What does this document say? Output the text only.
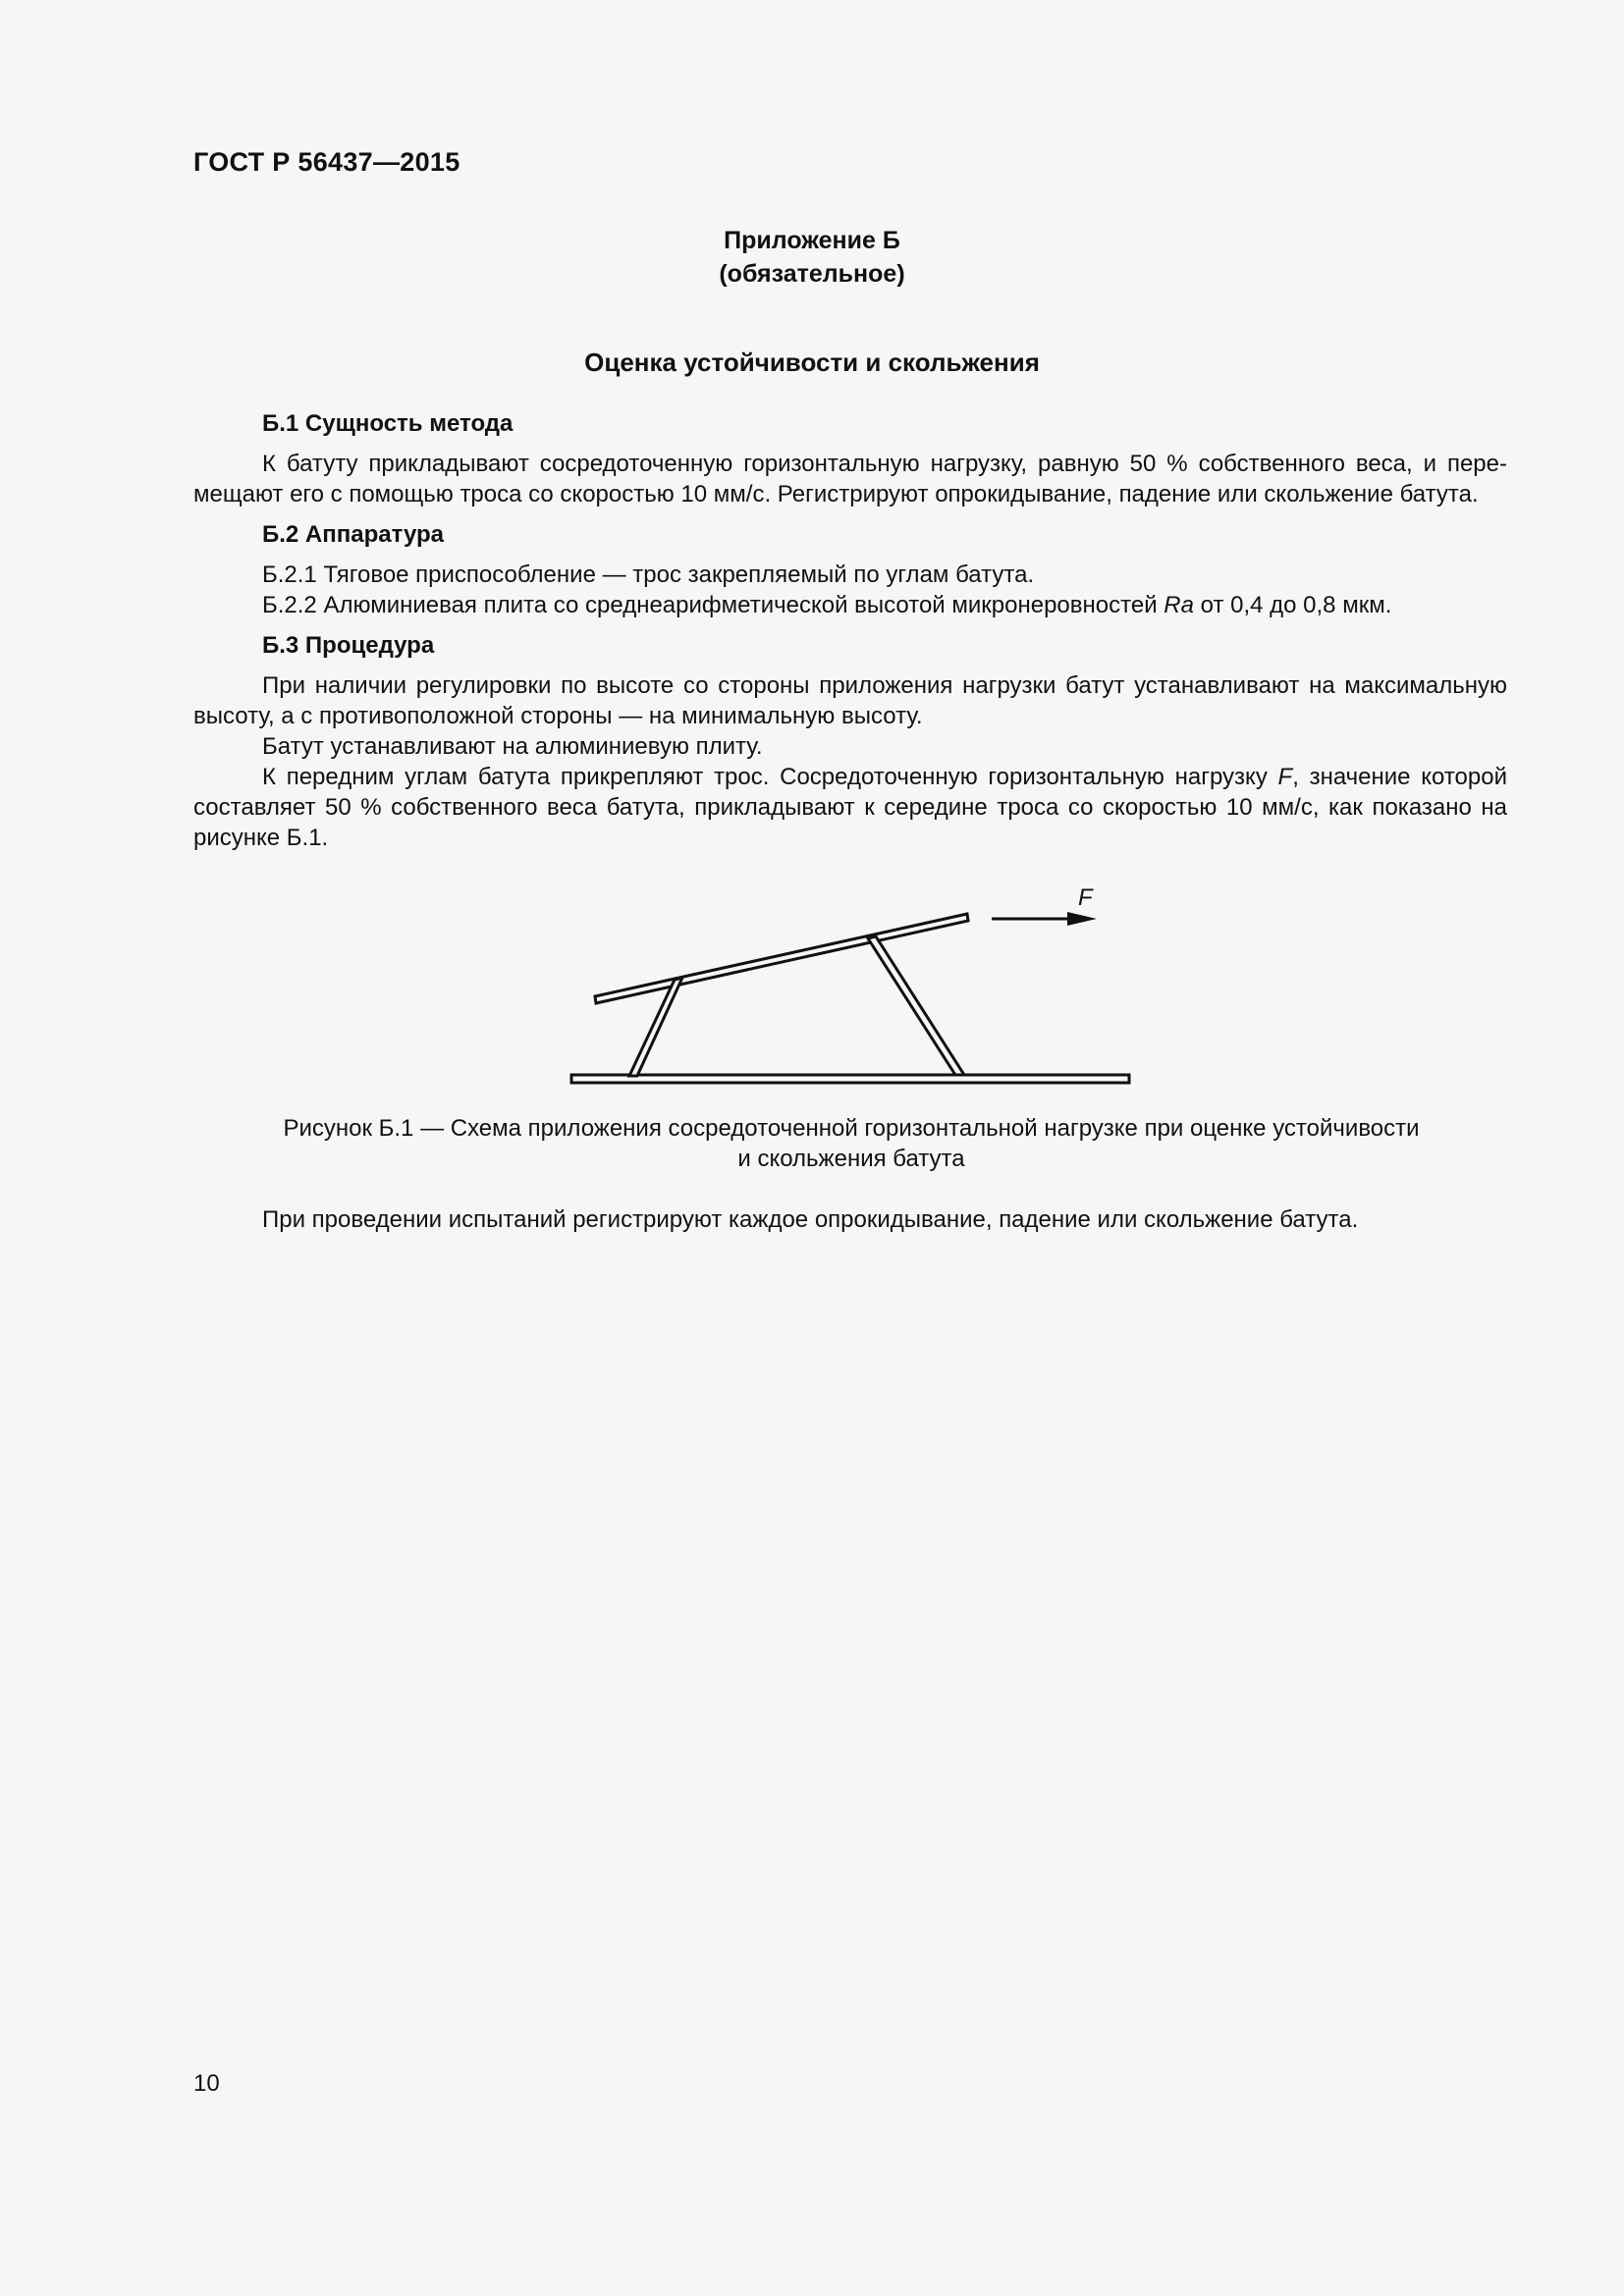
ГОСТ Р 56437—2015
Приложение Б
(обязательное)
Оценка устойчивости и скольжения
Б.1 Сущность метода

К батуту прикладывают сосредоточенную горизонтальную нагрузку, равную 50 % собственного веса, и пере-мещают его с помощью троса со скоростью 10 мм/с. Регистрируют опрокидывание, падение или скольжение батута.

Б.2 Аппаратура

Б.2.1 Тяговое приспособление — трос закрепляемый по углам батута.

Б.2.2 Алюминиевая плита со среднеарифметической высотой микронеровностей Ra от 0,4 до 0,8 мкм.

Б.3 Процедура

При наличии регулировки по высоте со стороны приложения нагрузки батут устанавливают на максимальную высоту, а с противоположной стороны — на минимальную высоту.

Батут устанавливают на алюминиевую плиту.

К передним углам батута прикрепляют трос. Сосредоточенную горизонтальную нагрузку F, значение которой составляет 50 % собственного веса батута, прикладывают к середине троса со скоростью 10 мм/с, как показано на рисунке Б.1.

F
Рисунок Б.1 — Схема приложения сосредоточенной горизонтальной нагрузке при оценке устойчивости
и скольжения батута
При проведении испытаний регистрируют каждое опрокидывание, падение или скольжение батута.
10
